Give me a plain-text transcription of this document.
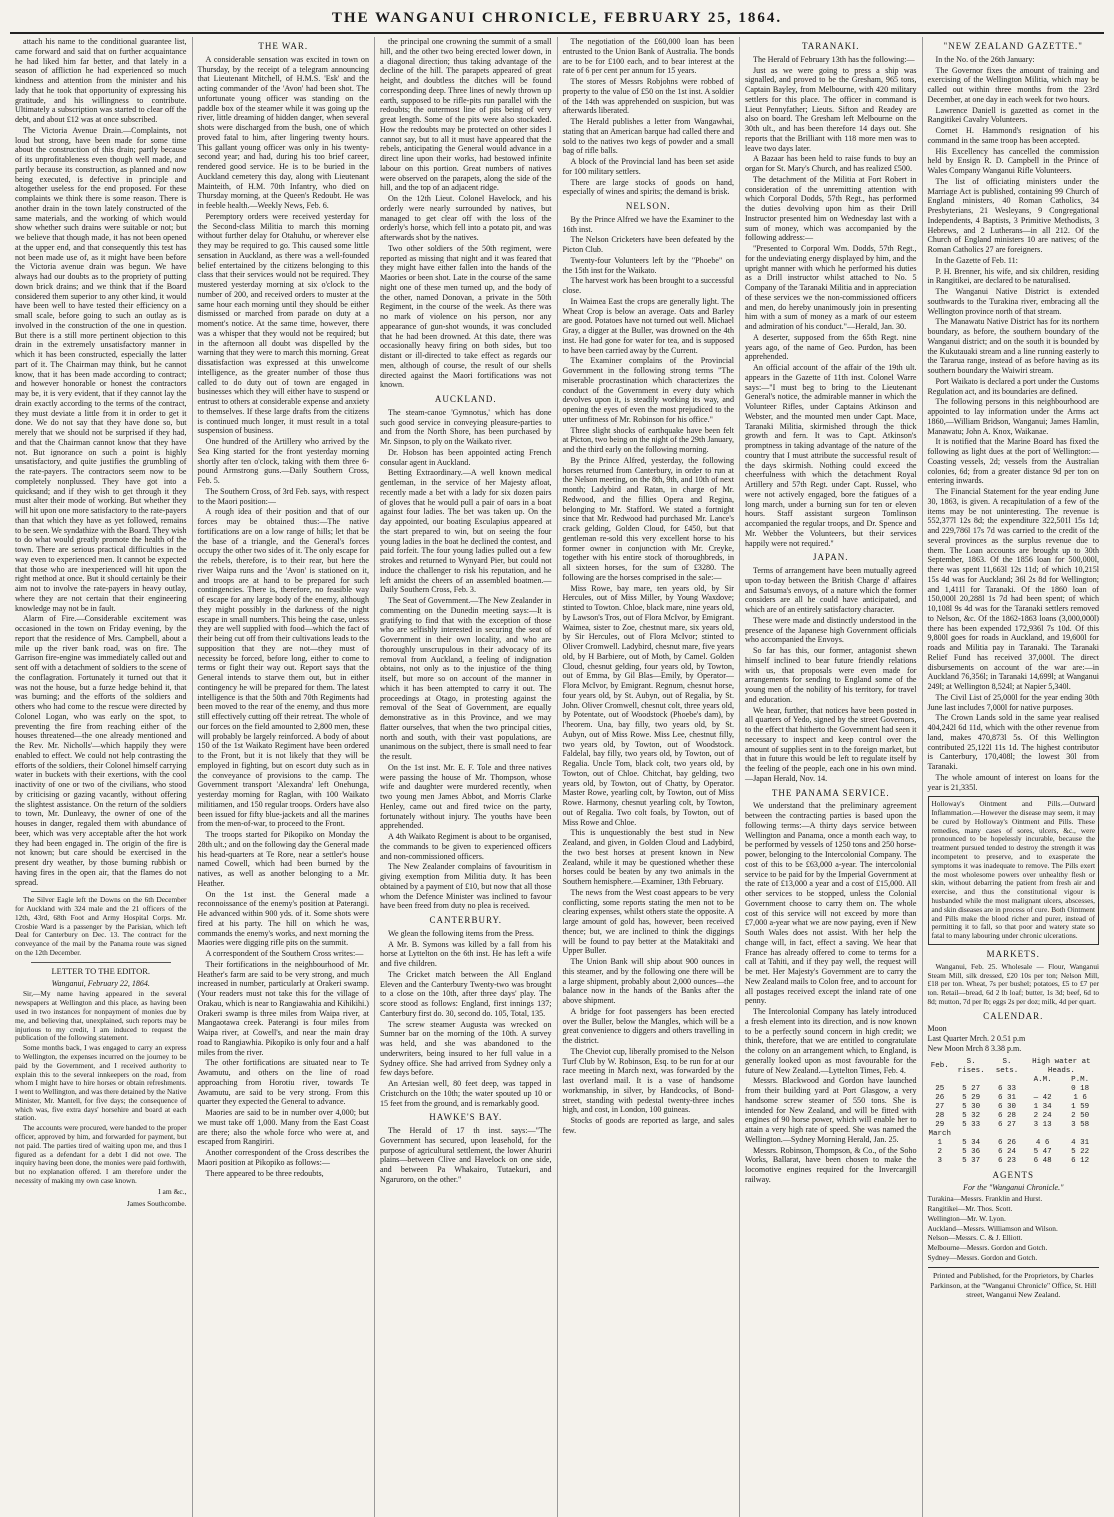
THE WANGANUI CHRONICLE, FEBRUARY 25, 1864.

attach his name to the conditional guarantee list, came forward and said that on further acquaintance he had liked him far better, and that lately in a season of affliction he had experienced so much kindness and attention from the minister and his lady that he took that opportunity of expressing his gratitude, and his willingness to contribute. Ultimately a subscription was started to clear off the debt, and about £12 was at once subscribed.

The Victoria Avenue Drain.—Complaints, not loud but strong, have been made for some time about the construction of this drain; partly because of its unprofitableness even though well made, and partly because its construction, as planned and now being executed, is defective in principle and altogether useless for the end proposed. For these complaints we think there is some reason. There is another drain in the town lately constructed of the same materials, and the working of which would show whether such drains were suitable or not; but we believe that though made, it has not been opened at the upper end, and that consequently this test has not been made use of, as it might have been before the Victoria avenue drain was begun. We have always had our doubts as to the propriety of putting down brick drains; and we think that if the Board considered them superior to any other kind, it would have been well to have tested their efficiency on a small scale, before going to such an outlay as is involved in the construction of the one in question. But there is a still more pertinent objection to this drain in the extremely unsatisfactory manner in which it has been constructed, especially the latter part of it. The Chairman may think, but he cannot know, that it has been made according to contract; and however honorable or honest the contractors may be, it is very evident, that if they cannot lay the drain exactly according to the terms of the contract, they must deviate a little from it in order to get it done. We do not say that they have done so, but merely that we should not be surprised if they had, and that the Chairman cannot know that they have not. But ignorance on such a point is highly unsatisfactory, and quite justifies the grumbling of the rate-payers. The contractors seem now to be completely nonplussed. They have got into a quicksand; and if they wish to get through it they must alter their mode of working. But whether they will hit upon one more satisfactory to the rate-payers than that which they have as yet followed, remains to be seen. We syndathize with the Board. They wish to do what would greatly promote the health of the town. There are serious practical difficulties in the way even to experienced men. It cannot be expected that those who are inexperienced will hit upon the right method at once. But it should certainly be their aim not to involve the rate-payers in heavy outlay, where they are not certain that their engineering knowledge may not be in fault.

Alarm of Fire.—Considerable excitement was occasioned in the town on Friday evening, by the report that the residence of Mrs. Campbell, about a mile up the river bank road, was on fire. The Garrison fire-engine was immediately called out and sent off with a detachment of soldiers to the scene of the conflagration. Fortunately it turned out that it was not the house, but a furze hedge behind it, that was burning; and the efforts of the soldiers and others who had come to the rescue were directed by Colonel Logan, who was early on the spot, to preventing the fire from reaching either of the houses threatened—the one already mentioned and the Rev. Mr. Nicholls'—which happily they were enabled to effect. We could not help contrasting the efforts of the soldiers, their Colonel himself carrying water in buckets with their exertions, with the cool inactivity of one or two of the civilians, who stood by criticising or gazing vacantly, without offering the slightest assistance. On the return of the soldiers to town, Mr. Dunleavy, the owner of one of the houses in danger, regaled them with abundance of beer, which was very acceptable after the hot work they had been engaged in. The origin of the fire is not known; but care should be exercised in the present dry weather, by those burning rubbish or having fires in the open air, that the flames do not spread.

The Silver Eagle left the Downs on the 6th December for Auckland with 324 male and the 21 officers of the 12th, 43rd, 68th Foot and Army Hospital Corps. Mr. Crosbie Ward is a passenger by the Parisian, which left Deal for Canterbury on Dec. 13. The contract for the conveyance of the mail by the Panama route was signed on the 12th December.

LETTER TO THE EDITOR.
Wanganui, February 22, 1864.

Sir,—My name having appeared in the several newspapers at Wellington and this place, as having been used in two instances for nonpayment of monies due by me, and believing that, unexplained, such reports may be injurious to my credit, I am induced to request the publication of the following statement.

Some months back, I was engaged to carry an express to Wellington, the expenses incurred on the journey to be paid by the Government, and I received authority to explain this to the several innkeepers on the road, from whom I might have to hire horses or obtain refreshments. I went to Wellington, and was there detained by the Native Minister, Mr. Mantell, for five days; the consequence of which was, five extra days' horsehire and board at each station.

The accounts were procured, were handed to the proper officer, approved by him, and forwarded for payment, but not paid. The parties tired of waiting upon me, and thus I figured as a defendant for a debt I did not owe. The inquiry having been done, the monies were paid forthwith, but no explanation offered. I am therefore under the necessity of making my own case known.

I am &c.,
James Southcombe.
THE WAR.

A considerable sensation was excited in town on Thursday, by the receipt of a telegram announcing that Lieutenant Mitchell, of H.M.S. 'Esk' and the acting commander of the 'Avon' had been shot. The unfortunate young officer was standing on the paddle box of the steamer while it was going up the river, little dreaming of hidden danger, when several shots were discharged from the bush, one of which proved fatal to him, after lingering twenty hours. This gallant young officer was only in his twenty-second year; and had, during his too brief career, rendered good service. He is to be buried in the Auckland cemetery this day, along with Lieutenant Mainteith, of H.M. 70th Infantry, who died on Thursday morning, at the Queen's Redoubt. He was in feeble health.—Weekly News, Feb. 6.

Peremptory orders were received yesterday for the Second-class Militia to march this morning without further delay for Otahuhu, or wherever else they may be required to go. This caused some little sensation in Auckland, as there was a well-founded belief entertained by the citizens belonging to this class that their services would not be required. They mustered yesterday morning at six o'clock to the number of 200, and received orders to muster at the same hour each morning until they should be either dismissed or marched from parade on duty at a moment's notice. At the same time, however, there was a whisper that they would not be required; but in the afternoon all doubt was dispelled by the warning that they were to march this morning. Great dissatisfaction was expressed at this unwelcome intelligence, as the greater number of those thus called to do duty out of town are engaged in businesses which they will either have to suspend or entrust to others at considerable expense and anxiety to themselves. If these large drafts from the citizens is continued much longer, it must result in a total suspension of business.

One hundred of the Artillery who arrived by the Sea King started for the front yesterday morning shortly after ten o'clock, taking with them three 6-pound Armstrong guns.—Daily Southern Cross, Feb. 5.

The Southern Cross, of 3rd Feb. says, with respect to the Maori position:—

A rough idea of their position and that of our forces may be obtained thus:—The native fortifications are on a low range of hills; let that be the base of a triangle, and the General's forces occupy the other two sides of it. The only escape for the rebels, therefore, is to their rear, but here the river Waipa runs and the 'Avon' is stationed on it, and troops are at hand to be prepared for such contingencies. There is, therefore, no feasible way of escape for any large body of the enemy, although they might possibly in the darkness of the night escape in small numbers. This being the case, unless they are well supplied with food—which the fact of their being cut off from their cultivations leads to the supposition that they are not—they must of necessity be forced, before long, either to come to terms or fight their way out. Report says that the General intends to starve them out, but in either contingency he will be prepared for them. The latest intelligence is that the 50th and 70th Regiments had been moved to the rear of the enemy, and thus more still effectively cutting off their retreat. The whole of our forces on the field amounted to 2,800 men, these will probably be largely reinforced. A body of about 150 of the 1st Waikato Regiment have been ordered to the Front, but it is not likely that they will be employed in fighting, but on escort duty such as in the conveyance of provisions to the camp. The Government transport 'Alexandra' left Onehunga, yesterday morning for Raglan, with 100 Waikato militiamen, and 150 regular troops. Orders have also been issued for fifty blue-jackets and all the marines from the men-of-war, to proceed to the Front.

The troops started for Pikopiko on Monday the 28th ult.; and on the following day the General made his head-quarters at Te Rore, near a settler's house named Cowell, which had been burned by the natives, as well as another belonging to a Mr. Heather.

On the 1st inst. the General made a reconnoissance of the enemy's position at Paterangi. He advanced within 900 yds. of it. Some shots were fired at his party. The hill on which he was, commands the enemy's works, and next morning the Maories were digging rifle pits on the summit.

A correspondent of the Southern Cross writes:—

Their fortifications in the neighbourhood of Mr. Heather's farm are said to be very strong, and much increased in number, particularly at Orakeri swamp. (Your readers must not take this for the village of Orakau, which is near to Rangiawahia and Kihikihi.) Orakeri swamp is three miles from Waipa river, at Mangaotawa creek. Paterangi is four miles from Waipa river, at Cowell's, and near the main dray road to Rangiawhia. Pikopiko is only four and a half miles from the river.

The other fortifications are situated near to Te Awamutu, and others on the line of road approaching from Horotiu river, towards Te Awamutu, are said to be very strong. From this quarter they expected the General to advance.

Maories are said to be in number over 4,000; but we must take off 1,000. Many from the East Coast are there; also the whole force who were at, and escaped from Rangiriri.

Another correspondent of the Cross describes the Maori position at Pikopiko as follows:—

There appeared to be three redoubts,

the principal one crowning the summit of a small hill, and the other two being erected lower down, in a diagonal direction; thus taking advantage of the decline of the hill. The parapets appeared of great height, and doubtless the ditches will be found corresponding deep. Three lines of newly thrown up earth, supposed to be rifle-pits run parallel with the redoubts; the outermost line of pits being of very great length. Some of the pits were also stockaded. How the redoubts may be protected on other sides I cannot say, but to all it must have appeared that the rebels, anticipating the General would advance in a direct line upon their works, had bestowed infinite labour on this portion. Great numbers of natives were observed on the parapets, along the side of the hill, and the top of an adjacent ridge.

On the 12th Lieut. Colonel Havelock, and his orderly were nearly surrounded by natives, but managed to get clear off with the loss of the orderly's horse, which fell into a potato pit, and was afterwards shot by the natives.

Two other soldiers of the 50th regiment, were reported as missing that night and it was feared that they might have either fallen into the hands of the Maories or been shot. Late in the course of the same night one of these men turned up, and the body of the other, named Donovan, a private in the 50th Regiment, in the course of the week. As there was no mark of violence on his person, nor any appearance of gun-shot wounds, it was concluded that he had been drowned. At this date, there was occasionally heavy firing on both sides, but too distant or ill-directed to take effect as regards our men, although of course, the result of our shells directed against the Maori fortifications was not known.

AUCKLAND.

The steam-canoe 'Gymnotus,' which has done such good service in conveying pleasure-parties to and from the North Shore, has been purchased by Mr. Sinpson, to ply on the Waikato river.

Dr. Hobson has been appointed acting French consular agent in Auckland.

Betting Extraordinary.—A well known medical gentleman, in the service of her Majesty afloat, recently made a bet with a lady for six dozen pairs of gloves that he would pull a pair of oars in a boat against four ladies. The bet was taken up. On the day appointed, our boating Esculapius appeared at the start prepared to win, but on seeing the four young ladies in the boat he declined the contest, and paid forfeit. The four young ladies pulled out a few strokes and returned to Wynyard Pier, but could not induce the challenger to risk his reputation, and he left amidst the cheers of an assembled boatmen.—Daily Southern Cross, Feb. 3.

The Seat of Government.—The New Zealander in commenting on the Dunedin meeting says:—It is gratifying to find that with the exception of those who are selfishly interested in securing the seat of Government in their own locality, and who are thoroughly unscrupulous in their advocacy of its removal from Auckland, a feeling of indignation obtains, not only as to the injustice of the thing itself, but more so on account of the manner in which it has been attempted to carry it out. The proceedings at Otago, in protesting against the removal of the Seat of Government, are equally demonstrative as in this Province, and we may flatter ourselves, that when the two principal cities, north and south, with their vast populations, are unanimous on the subject, there is small need to fear the result.

On the 1st inst. Mr. E. F. Tole and three natives were passing the house of Mr. Thompson, whose wife and daughter were murdered recently, when two young men James Abbot, and Morris Clarke Henley, came out and fired twice on the party, fortunately without injury. The youths have been apprehended.

A 4th Waikato Regiment is about to be organised, the commands to be given to experienced officers and non-commissioned officers.

The New Zealander complains of favouritism in giving exemption from Militia duty. It has been obtained by a payment of £10, but now that all those whom the Defence Minister was inclined to favour have been freed from duty no plea is received.

CANTERBURY.

We glean the following items from the Press.

A Mr. B. Symons was killed by a fall from his horse at Lyttelton on the 6th inst. He has left a wife and five children.

The Cricket match between the All England Eleven and the Canterbury Twenty-two was brought to a close on the 10th, after three days' play. The score stood as follows: England, first innings 137; Canterbury first do. 30, second do. 105, Total, 135.

The screw steamer Augusta was wrecked on Sumner bar on the morning of the 10th. A survey was held, and she was abandoned to the underwriters, being insured to her full value in a Sydney office. She had arrived from Sydney only a few days before.

An Artesian well, 80 feet deep, was tapped in Cristchurch on the 10th; the water spouted up 10 or 15 feet from the ground, and is remarkably good.

HAWKE'S BAY.

The Herald of 17 th inst. says:—"The Government has secured, upon leasehold, for the purpose of agricultural settlement, the lower Ahuriri plains—between Clive and Havelock on one side, and between Pa Whakairo, Tutaekuri, and Ngaruroro, on the other."

The negotiation of the £60,000 loan has been entrusted to the Union Bank of Australia. The bonds are to be for £100 each, and to bear interest at the rate of 6 per cent per annum for 15 years.

The stores of Messrs Robjohns were robbed of property to the value of £50 on the 1st inst. A soldier of the 14th was apprehended on suspicion, but was afterwards liberated.

The Herald publishes a letter from Wangawhai, stating that an American barque had called there and sold to the natives two kegs of powder and a small bag of rifle balls.

A block of the Provincial land has been set aside for 100 military settlers.

There are large stocks of goods on hand, especially of wines and spirits; the demand is brisk.

NELSON.

By the Prince Alfred we have the Examiner to the 16th inst.

The Nelson Cricketers have been defeated by the Picton Club.

Twenty-four Volunteers left by the "Phoebe" on the 15th inst for the Waikato.

The harvest work has been brought to a successful close.

In Waimea East the crops are generally light. The Wheat Crop is below an average. Oats and Barley are good. Potatoes have not turned out well. Michael Gray, a digger at the Buller, was drowned on the 4th inst. He had gone for water for tea, and is supposed to have been carried away by the Current.

The Examiner complains of the Provincial Government in the following strong terms "The miserable procrastination which characterizes the conduct of the Government in every duty which devolves upon it, is steadily working its way, and opening the eyes of even the most prejudiced to the utter unfitness of Mr. Robinson for his office."

Three slight shocks of earthquake have been felt at Picton, two being on the night of the 29th January, and the third early on the following morning.

By the Prince Alfred, yesterday, the following horses returned from Canterbury, in order to run at the Nelson meeting, on the 8th, 9th, and 10th of next month; Ladybird and Ratan, in charge of Mr. Redwood, and the fillies Opera and Regina, belonging to Mr. Stafford. We stated a fortnight since that Mr. Redwood had purchased Mr. Lance's crack gelding, Golden Cloud, for £450, but that gentleman re-sold this very excellent horse to his former owner in conjunction with Mr. Creyke, together with his entire stock of thoroughbreds, in all sixteen horses, for the sum of £3280. The following are the horses comprised in the sale:—

Miss Rowe, bay mare, ten years old, by Sir Hercules, out of Miss Miller, by Young Waxdove; stinted to Towton. Chloe, black mare, nine years old, by Lawson's Tros, out of Flora McIvor, by Emigrant. Waimea, sister to Zoe, chestnut mare, six years old, by Sir Hercules, out of Flora McIvor; stinted to Oliver Cromwell. Ladybird, chesnut mare, five years old, by H Barbiere, out of Moth, by Camel. Golden Cloud, chesnut gelding, four years old, by Towton, out of Emma, by Gil Blas—Emily, by Operator—Flora McIvor, by Emigrant. Regnum, chesnut horse, four years old, by St. Aubyn, out of Regalia, by St. John. Oliver Cromwell, chesnut colt, three years old, by Potentate, out of Woodstock (Phoebe's dam), by l'heorem. Una, bay filly, two years old, by St. Aubyn, out of Miss Rowe. Miss Lee, chestnut filly, two years old, by Towton, out of Woodstock. Faldelal, bay filly, two years old, by Towton, out of Regalia. Uncle Tom, black colt, two years old, by Towton, out of Chloe. Chitchat, bay gelding, two years old, by Towton, out of Chatty, by Operator. Master Rowe, yearling colt, by Towton, out of Miss Rowe. Harmony, chesnut yearling colt, by Towton, out of Regalia. Two colt foals, by Towton, out of Miss Rowe and Chloe.

This is unquestionably the best stud in New Zealand, and given, in Golden Cloud and Ladybird, the two best horses at present known in New Zealand, while it may be questioned whether these horses could be beaten by any two animals in the Southern hemisphere.—Examiner, 13th February.

The news from the West coast appears to be very conflicting, some reports stating the men not to be clearing expenses, whilst others state the opposite. A large amount of gold has, however, been received thence; but, we are inclined to think the diggings will be found to pay better at the Matakitaki and Upper Buller.

The Union Bank will ship about 900 ounces in this steamer, and by the following one there will be a large shipment, probably about 2,000 ounces—the balance now in the hands of the Banks after the above shipment.

A bridge for foot passengers has been erected over the Buller, below the Mangles, which will be a great convenience to diggers and others travelling in the district.

The Cheviot cup, liberally promised to the Nelson Turf Club by W. Robinson, Esq. to be run for at our race meeting in March next, was forwarded by the last overland mail. It is a vase of handsome workmanship, in silver, by Handcocks, of Bond-street, standing with pedestal twenty-three inches high, and cost, in London, 100 guineas.

Stocks of goods are reported as large, and sales few.

TARANAKI.

The Herald of February 13th has the following:—

Just as we were going to press a ship was signalled, and proved to be the Gresham, 965 tons, Captain Bayley, from Melbourne, with 420 military settlers for this place. The officer in command is Lieut Pennyfather; Lieuts. Sifton and Readey are also on board. The Gresham left Melbourne on the 30th ult., and has been therefore 14 days out. She reports that the Brilliant with 118 more men was to leave two days later.

A Bazaar has been held to raise funds to buy an organ for St. Mary's Church, and has realized £500.

The detachment of the Militia at Fort Robert in consideration of the unremitting attention with which Corporal Dodds, 57th Regt., has performed the duties devolving upon him as their Drill Instructor presented him on Wednesday last with a sum of money, which was accompanied by the following address:—

"Presented to Corporal Wm. Dodds, 57th Regt., for the undeviating energy displayed by him, and the upright manner with which he performed his duties as a Drill instructor whilst attached to No. 5 Company of the Taranaki Militia and in appreciation of these services we the non-commissioned officers and men, do hereby unanimously join in presenting him with a sum of money as a mark of our esteem and admiration of his conduct."—Herald, Jan. 30.

A deserter, supposed from the 65th Regt. nine years ago, of the name of Geo. Purdon, has been apprehended.

An official account of the affair of the 19th ult. appears in the Gazette of 11th inst. Colonel Warre says:—"I must beg to bring to the Lieutenant General's notice, the admirable manner in which the Volunteer Rifles, under Captains Atkinson and Webster, and the mounted men under Capt. Mace, Taranaki Militia, skirmished through the thick growth and fern. It was to Capt. Atkinson's promptness in taking advantage of the nature of the country that I must attribute the successful result of the days skirmish. Nothing could exceed the cheerfulness with which the detachment Royal Artillery and 57th Regt. under Capt. Russel, who were not actively engaged, bore the fatigues of a long march, under a burning sun for ten or eleven hours. Staff assistant surgeon Tomlinson accompanied the regular troops, and Dr. Spence and Mr. Webber the Volunteers, but their services happily were not required."

JAPAN.

Terms of arrangement have been mutually agreed upon to-day between the British Charge d' affaires and Satsuma's envoys, of a nature which the former considers are all he could have anticipated, and which are of an entirely satisfactory character.

These were made and distinctly understood in the presence of the Japanese high Government officials who accompanied the Envoys.

So far has this, our former, antagonist shewn himself inclined to bear future friendly relations with us, that proposals were even made for arrangements for sending to England some of the young men of the nobility of his territory, for travel and education.

We hear, further, that notices have been posted in all quarters of Yedo, signed by the street Governors, to the effect that hitherto the Government had seen it necessary to inspect and keep control over the amount of supplies sent in to the foreign market, but that in future this would be left to regulate itself by the feeling of the people, each one in his own mind.—Japan Herald, Nov. 14.

THE PANAMA SERVICE.

We understand that the preliminary agreement between the contracting parties is based upon the following terms:—A thirty days service between Wellington and Panama, once a month each way, to be performed by vessels of 1250 tons and 250 horse-power, belonging to the Intercolonial Company. The cost of this to be £63,000 a-year. The intercolonial service to be paid for by the Imperial Government at the rate of £13,000 a year and a cost of £15,000. All other services to be stopped, unless the Colonial Government choose to carry them on. The whole cost of this service will not exceed by more than £7,000 a-year what we are now paying, even if New South Wales does not assist. With her help the change will, in fact, effect a saving. We hear that France has already offered to come to terms for a call at Tahiti, and if they pay well, the request will be met. Her Majesty's Government are to carry the New Zealand mails to Colon free, and to account for all postages received except the inland rate of one penny.

The Intercolonial Company has lately introduced a fresh element into its direction, and is now known to be a perfectly sound concern in high credit; we think, therefore, that we are entitled to congratulate the colony on an arrangement which, to England, is generally looked upon as most favourable for the future of New Zealand.—Lyttelton Times, Feb. 4.

Messrs. Blackwood and Gordon have launched from their building yard at Port Glasgow, a very handsome screw steamer of 550 tons. She is intended for New Zealand, and will be fitted with engines of 90 horse power, which will enable her to attain a very high rate of speed. She was named the Wellington.—Sydney Morning Herald, Jan. 25.

Messrs. Robinson, Thompson, & Co., of the Soho Works, Ballarat, have been chosen to make the locomotive engines required for the Invercargill railway.

"NEW ZEALAND GAZETTE."

In the No. of the 26th January:

The Governor fixes the amount of training and exercising of the Wellington Militia, which may be called out within three months from the 23rd December, at one day in each week for two hours.

Lawrence Daniell is gazetted as cornet in the Rangitikei Cavalry Volunteers.

Cornet H. Hammond's resignation of his command in the same troop has been accepted.

His Excellency has cancelled the commission held by Ensign R. D. Campbell in the Prince of Wales Company Wanganui Rifle Volunteers.

The list of officiating ministers under the Marriage Act is published, containing 99 Church of England ministers, 40 Roman Catholics, 34 Presbyterians, 21 Wesleyans, 9 Congregational Independents, 4 Baptists, 3 Primitive Methodists, 3 Hebrews, and 2 Lutherans—in all 212. Of the Church of England ministers 10 are natives; of the Roman Catholics 27 are foreigners.

In the Gazette of Feb. 11:

P. H. Brenner, his wife, and six children, residing in Rangitikei, are declared to be naturalised.

The Wanganui Native District is extended southwards to the Turakina river, embracing all the Wellington province north of that stream.

The Manawatu Native District has for its northern boundary, as before, the southern boundary of the Wanganui district; and on the south it is bounded by the Kukutauaki stream and a line running easterly to the Tararua range, instead of as before having as its southern boundary the Waiwiri stream.

Port Waikato is declared a port under the Customs Regulation act, and its boundaries are defined.

The following persons in this neighbourhood are appointed to lay information under the Arms act 1860,—William Bridson, Wanganui; James Hamlin, Manawatu; John A. Knox, Waikanae.

It is notified that the Marine Board has fixed the following as light dues at the port of Wellington:—Coasting vessels, 2d; vessels from the Australian colonies, 6d; from a greater distance 9d per ton on entering inwards.

The Financial Statement for the year ending June 30, 1863, is given. A recapitulation of a few of the items may be not uninteresting. The revenue is 552,377l 12s 8d; the expenditure 322,501l 15s 1d; and 229,786l 17s 7d was carried to the credit of the several provinces as the surplus revenue due to them. The Loan accounts are brought up to 30th September, 1863. Of the 1856 loan for 500,000l, there was spent 11,663l 12s 11d; of which 10,215l 15s 4d was for Auckland; 36l 2s 8d for Wellington; and 1,411l for Taranaki. Of the 1860 loan of 150,000l 20,288l 1s 7d had been spent; of which 10,108l 9s 4d was for the Taranaki settlers removed to Nelson, &c. Of the 1862-1863 loans (3,000,000l) there has been expended 172,936l 7s 10d. Of this 9,800l goes for roads in Auckland, and 19,600l for roads and Militia pay in Taranaki. The Taranaki Relief Fund has received 37,000l. The direct disbursements on account of the war are:—in Auckland 76,356l; in Taranaki 14,699l; at Wanganui 249l; at Wellington 8,524l; at Napier 5,340l.

The Civil List of 25,000l for the year ending 30th June last includes 7,000l for native purposes.

The Crown Lands sold in the same year realised 404,242l 6d 11d, which with the other revenue from land, makes 470,873l 5s. Of this Wellington contributed 25,122l 11s 1d. The highest contributor is Canterbury, 170,408l; the lowest 30l from Taranaki.

The whole amount of interest on loans for the year is 21,335l.

Holloway's Ointment and Pills.—Outward Inflammation.—However the disease may seem, it may be cured by Holloway's Ointment and Pills. These remedies, many cases of sores, ulcers, &c., were pronounced to be hopelessly incurable, because the treatment pursued tended to destroy the strength it was incompetent to preserve, and to exasperate the symptoms it was inadequate to remove. The Pills exert the most wholesome powers over unhealthy flesh or skin, without debarring the patient from fresh air and exercise, and thus the constitutional vigour is husbanded while the most malignant ulcers, abscesses, and skin diseases are in process of cure. Both Ointment and Pills make the blood richer and purer, instead of permitting it to fall, so that poor and watery state so fatal to many labouring under chronic ulcerations.
MARKETS.

Wanganui, Feb. 25. Wholesale — Flour, Wanganui Steam Mill, silk dressed, £20 10s per ton; Nelson Mill, £18 per ton. Wheat, 7s per bushel; potatoes, £5 to £7 per ton. Retail—bread, 6d 2 lb loaf; butter, 1s 3d; beef, 6d to 8d; mutton, 7d per lb; eggs 2s per doz; milk, 4d per quart.

CALENDAR.
Moon
Last Quarter Mrch. 2 0.51 p.m
New Moon Mrch 8 3.38 p.m.
Feb.	S. rises.	S. sets.	High water at Heads.	
			A.M.	P.M.
25	5 27	6 33		0 18
26	5 29	6 31	— 42	1 6
27	5 30	6 30	1 34	1 59
28	5 32	6 28	2 24	2 50
29	5 33	6 27	3 13	3 58
March				
1	5 34	6 26	4 6	4 31
2	5 36	6 24	5 47	5 22
3	5 37	6 23	6 48	6 12
AGENTS
For the "Wanganui Chronicle."
Turakina—Messrs. Franklin and Hurst.
Rangitikei—Mr. Thos. Scott.
Wellington—Mr. W. Lyon.
Auckland—Messrs. Williamson and Wilson.
Nelson—Messrs. C. & J. Elliott.
Melbourne—Messrs. Gordon and Gotch.
Sydney—Messrs. Gordon and Gotch.
Printed and Published, for the Proprietors, by Charles Parkinson, at the "Wanganui Chronicle" Office, St. Hill street, Wanganui New Zealand.
